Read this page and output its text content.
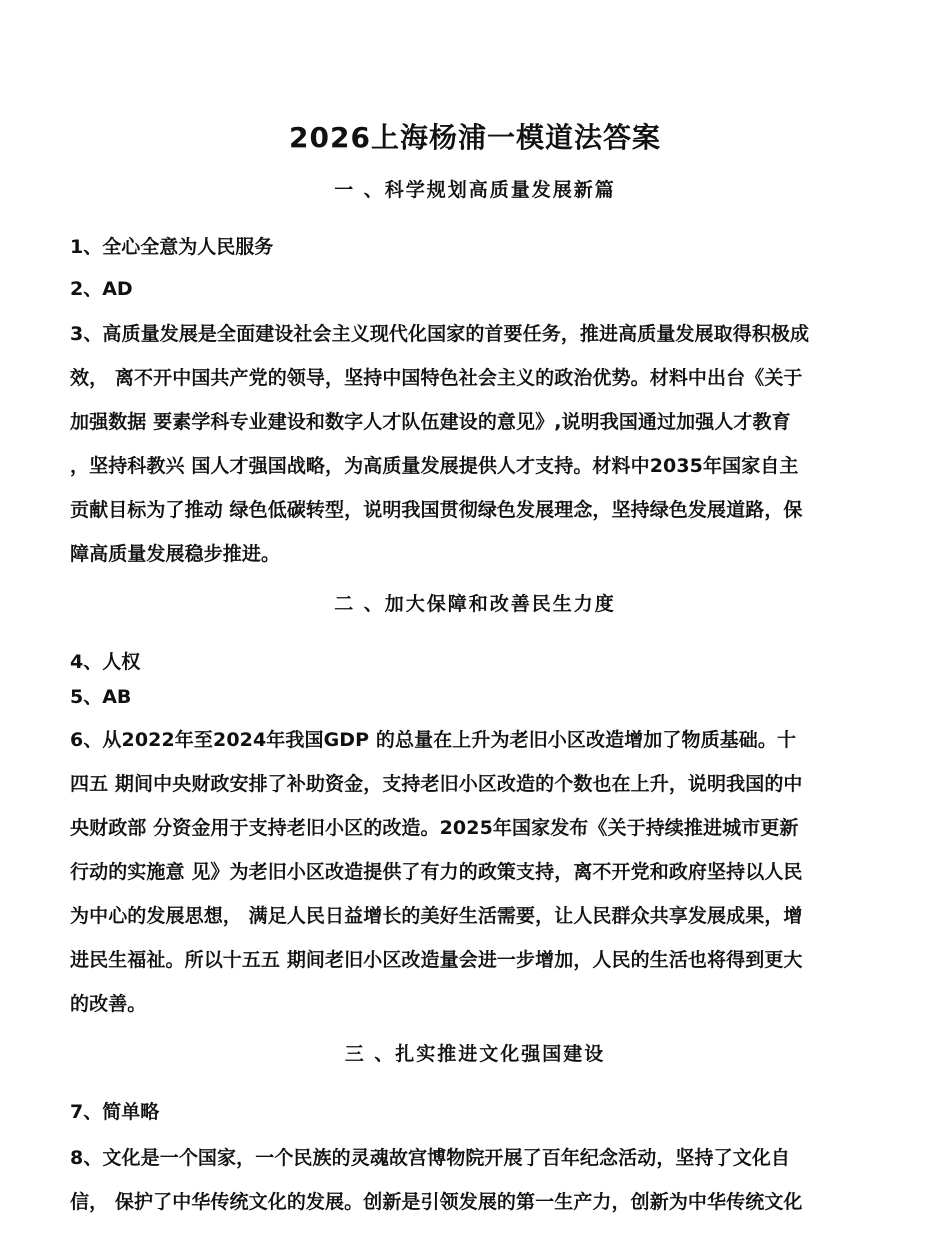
2026上海杨浦一模道法答案
一 、科学规划高质量发展新篇
1、全心全意为人民服务
2、AD
3、高质量发展是全面建设社会主义现代化国家的首要任务，推进高质量发展取得积极成
效， 离不开中国共产党的领导，坚持中国特色社会主义的政治优势。材料中出台《关于
加强数据 要素学科专业建设和数字人才队伍建设的意见》,说明我国通过加强人才教育
，坚持科教兴 国人才强国战略，为高质量发展提供人才支持。材料中2035年国家自主
贡献目标为了推动 绿色低碳转型，说明我国贯彻绿色发展理念，坚持绿色发展道路，保
障高质量发展稳步推进。
二 、加大保障和改善民生力度
4、人权
5、AB
6、从2022年至2024年我国GDP 的总量在上升为老旧小区改造增加了物质基础。十
四五 期间中央财政安排了补助资金，支持老旧小区改造的个数也在上升，说明我国的中
央财政部 分资金用于支持老旧小区的改造。2025年国家发布《关于持续推进城市更新
行动的实施意 见》为老旧小区改造提供了有力的政策支持，离不开党和政府坚持以人民
为中心的发展思想， 满足人民日益增长的美好生活需要，让人民群众共享发展成果，增
进民生福祉。所以十五五 期间老旧小区改造量会进一步增加，人民的生活也将得到更大
的改善。
三 、扎实推进文化强国建设
7、简单略
8、文化是一个国家，一个民族的灵魂故宫博物院开展了百年纪念活动，坚持了文化自
信， 保护了中华传统文化的发展。创新是引领发展的第一生产力，创新为中华传统文化
